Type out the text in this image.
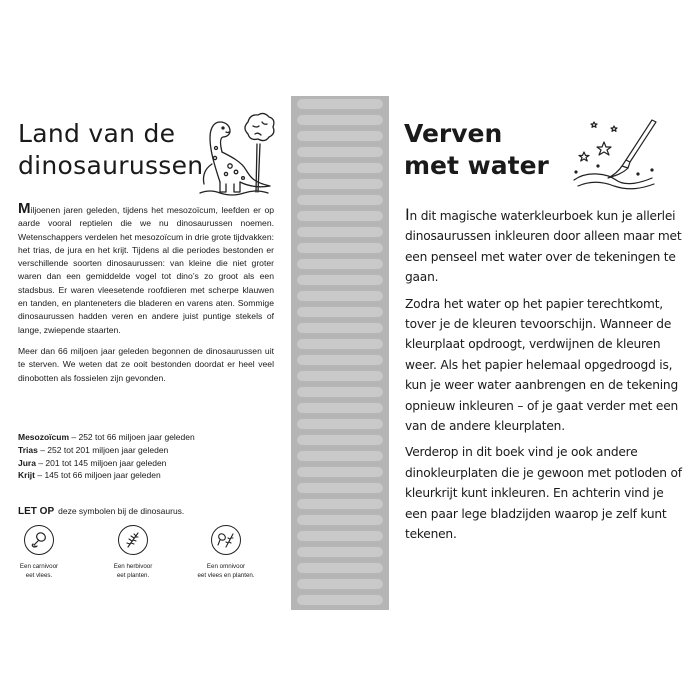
Land van de dinosaurussen

Miljoenen jaren geleden, tijdens het mesozoïcum, leefden er op aarde vooral reptielen die we nu dinosaurussen noemen. Wetenschappers verdelen het mesozoïcum in drie grote tijdvakken: het trias, de jura en het krijt. Tijdens al die periodes bestonden er verschillende soorten dinosaurussen: van kleine die niet groter waren dan een gemiddelde vogel tot dino’s zo groot als een stadsbus. Er waren vleesetende roofdieren met scherpe klauwen en tanden, en planteneters die bladeren en varens aten. Sommige dinosaurussen hadden veren en andere juist puntige stekels of lange, zwiepende staarten.

Meer dan 66 miljoen jaar geleden begonnen de dinosaurussen uit te sterven. We weten dat ze ooit bestonden doordat er heel veel dinobotten als fossielen zijn gevonden.

Mesozoïcum – 252 tot 66 miljoen jaar geleden
Trias – 252 tot 201 miljoen jaar geleden
Jura – 201 tot 145 miljoen jaar geleden
Krijt – 145 tot 66 miljoen jaar geleden
LET OP deze symbolen bij de dinosaurus.
Een carnivoor
eet vlees.
Een herbivoor
eet planten.
Een omnivoor
eet vlees en planten.
Verven
met water

In dit magische waterkleurboek kun je allerlei dinosaurussen inkleuren door alleen maar met een penseel met water over de tekeningen te gaan.

Zodra het water op het papier terechtkomt, tover je de kleuren tevoorschijn. Wanneer de kleurplaat opdroogt, verdwijnen de kleuren weer. Als het papier helemaal opgedroogd is, kun je weer water aanbrengen en de tekening opnieuw inkleuren – of je gaat verder met een van de andere kleurplaten.

Verderop in dit boek vind je ook andere dinokleurplaten die je gewoon met potloden of kleurkrijt kunt inkleuren. En achterin vind je een paar lege bladzijden waarop je zelf kunt tekenen.
